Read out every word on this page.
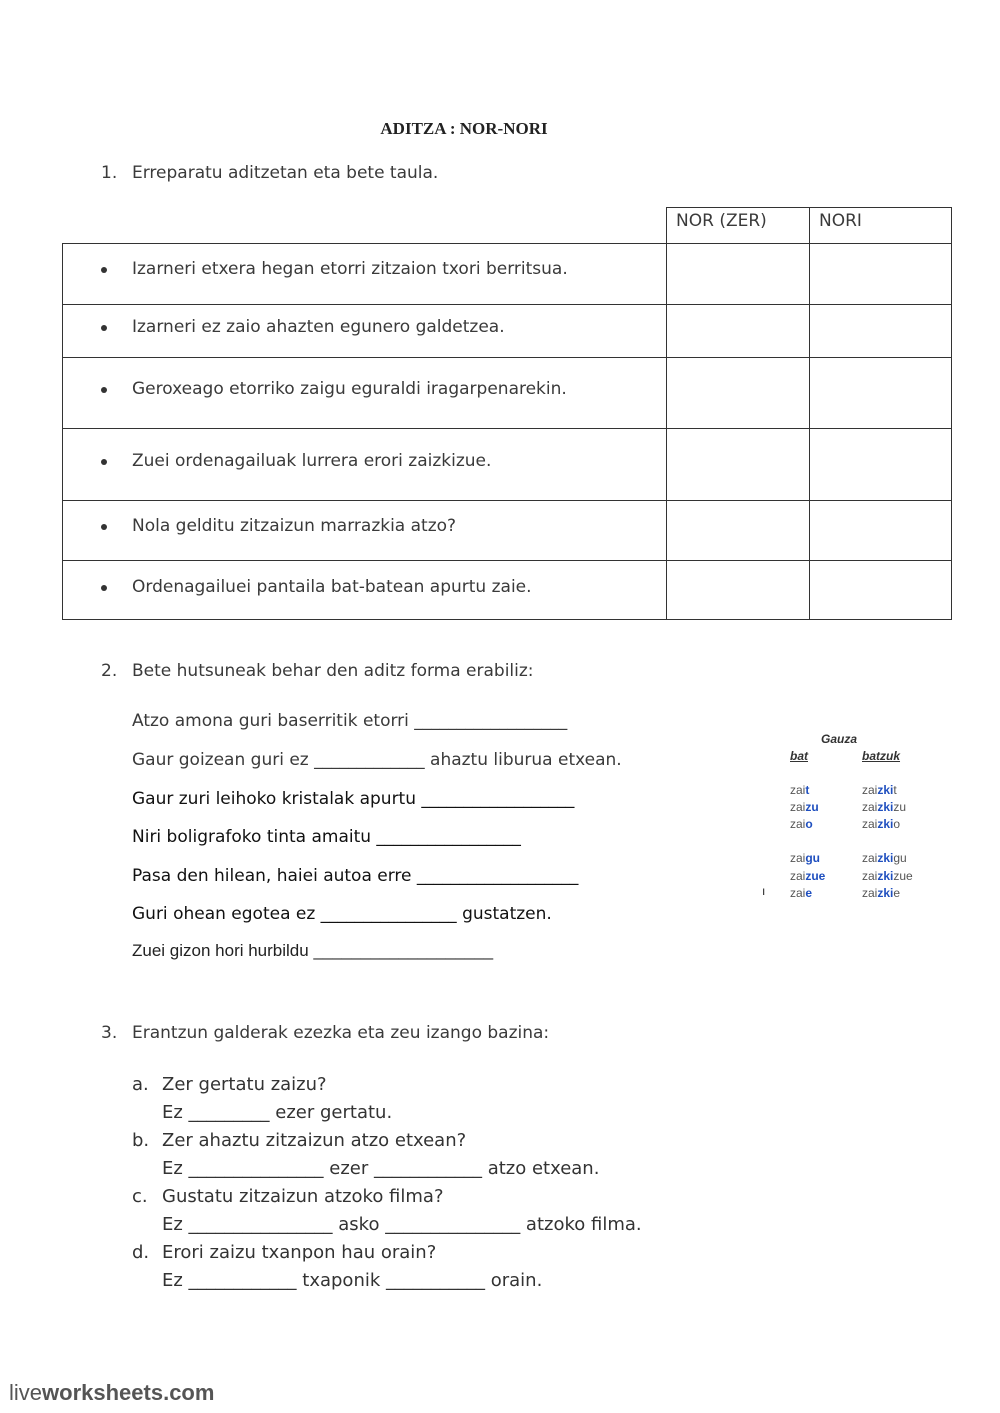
ADITZA : NOR-NORI
1. Erreparatu aditzetan eta bete taula.
NOR (ZER)	NORI
Izarneri etxera hegan etorri zitzaion txori berritsua.
Izarneri ez zaio ahazten egunero galdetzea.
Geroxeago etorriko zaigu eguraldi iragarpenarekin.
Zuei ordenagailuak lurrera erori zaizkizue.
Nola gelditu zitzaizun marrazkia atzo?
Ordenagailuei pantaila bat-batean apurtu zaie.
2. Bete hutsuneak behar den aditz forma erabiliz:
Atzo amona guri baserritik etorri __________________
Gaur goizean guri ez _____________ ahaztu liburua etxean.
Gaur zuri leihoko kristalak apurtu __________________
Niri boligrafoko tinta amaitu _________________
Pasa den hilean, haiei autoa erre ___________________
Guri ohean egotea ez ________________ gustatzen.
Zuei gizon hori hurbildu ___________________
Gauza
bat	batzuk
zait
zaizu
zaio
zaigu
zaizue
zaie
zaizkit
zaizkizu
zaizkio
zaizkigu
zaizkizue
zaizkie
ı
3. Erantzun galderak ezezka eta zeu izango bazina:
a. Zer gertatu zaizu?
Ez _________ ezer gertatu.
b. Zer ahaztu zitzaizun atzo etxean?
Ez _______________ ezer ____________ atzo etxean.
c. Gustatu zitzaizun atzoko filma?
Ez ________________ asko _______________ atzoko filma.
d. Erori zaizu txanpon hau orain?
Ez ____________ txaponik ___________ orain.
liveworksheets.com
